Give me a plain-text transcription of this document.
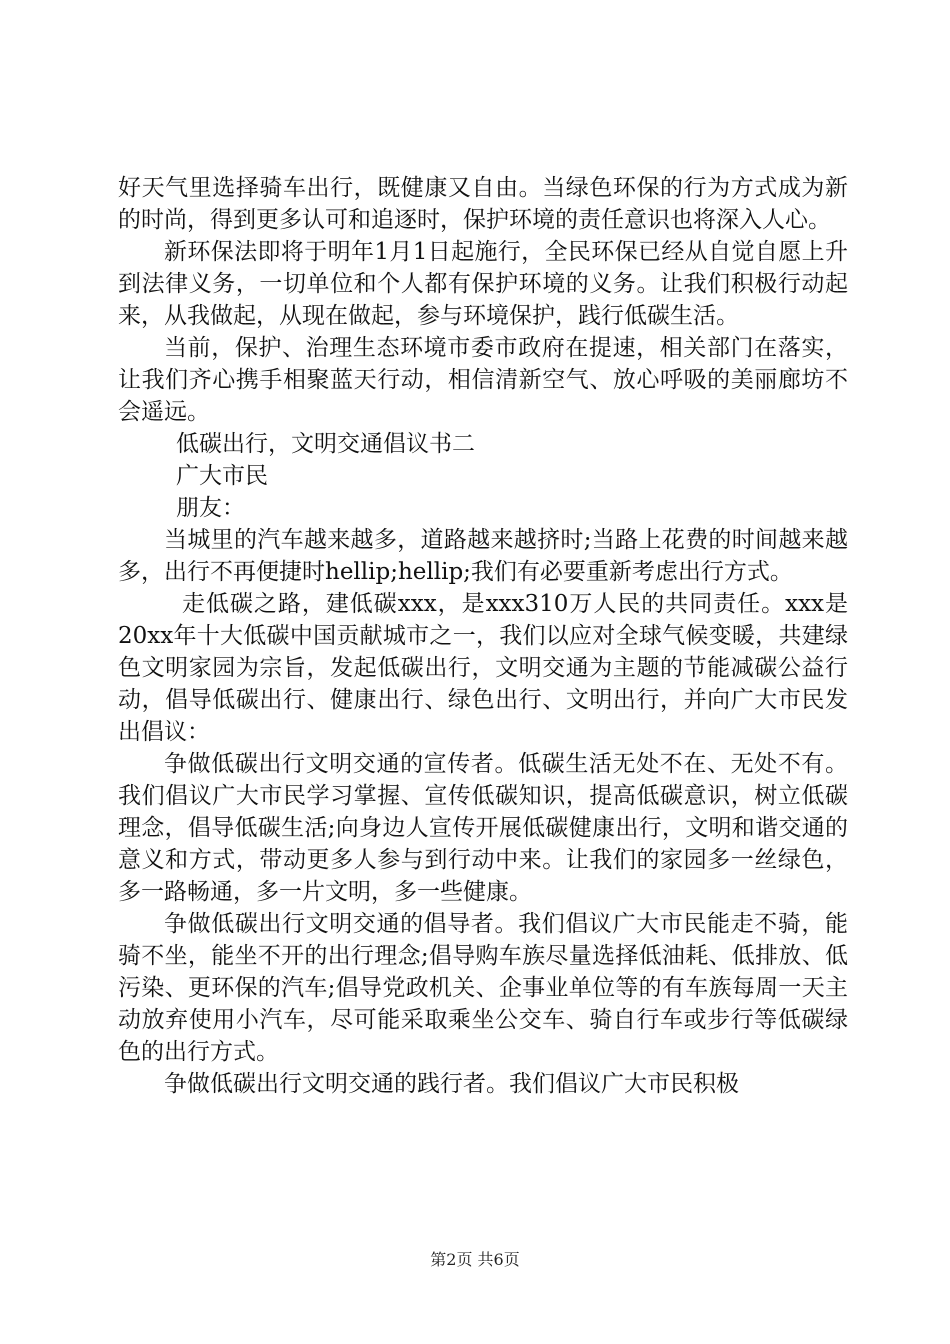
好天气里选择骑车出行，既健康又自由。当绿色环保的行为方式成为新的时尚，得到更多认可和追逐时，保护环境的责任意识也将深入人心。

新环保法即将于明年1月1日起施行，全民环保已经从自觉自愿上升到法律义务，一切单位和个人都有保护环境的义务。让我们积极行动起来，从我做起，从现在做起，参与环境保护，践行低碳生活。

当前，保护、治理生态环境市委市政府在提速，相关部门在落实，让我们齐心携手相聚蓝天行动，相信清新空气、放心呼吸的美丽廊坊不会遥远。

低碳出行，文明交通倡议书二

广大市民

朋友：

当城里的汽车越来越多，道路越来越挤时;当路上花费的时间越来越多，出行不再便捷时hellip;hellip;我们有必要重新考虑出行方式。

走低碳之路，建低碳xxx，是xxx310万人民的共同责任。xxx是20xx年十大低碳中国贡献城市之一，我们以应对全球气候变暖，共建绿色文明家园为宗旨，发起低碳出行，文明交通为主题的节能减碳公益行动，倡导低碳出行、健康出行、绿色出行、文明出行，并向广大市民发出倡议：

争做低碳出行文明交通的宣传者。低碳生活无处不在、无处不有。我们倡议广大市民学习掌握、宣传低碳知识，提高低碳意识，树立低碳理念，倡导低碳生活;向身边人宣传开展低碳健康出行，文明和谐交通的意义和方式，带动更多人参与到行动中来。让我们的家园多一丝绿色，多一路畅通，多一片文明，多一些健康。

争做低碳出行文明交通的倡导者。我们倡议广大市民能走不骑，能骑不坐，能坐不开的出行理念;倡导购车族尽量选择低油耗、低排放、低污染、更环保的汽车;倡导党政机关、企事业单位等的有车族每周一天主动放弃使用小汽车，尽可能采取乘坐公交车、骑自行车或步行等低碳绿色的出行方式。

争做低碳出行文明交通的践行者。我们倡议广大市民积极

第2页 共6页
